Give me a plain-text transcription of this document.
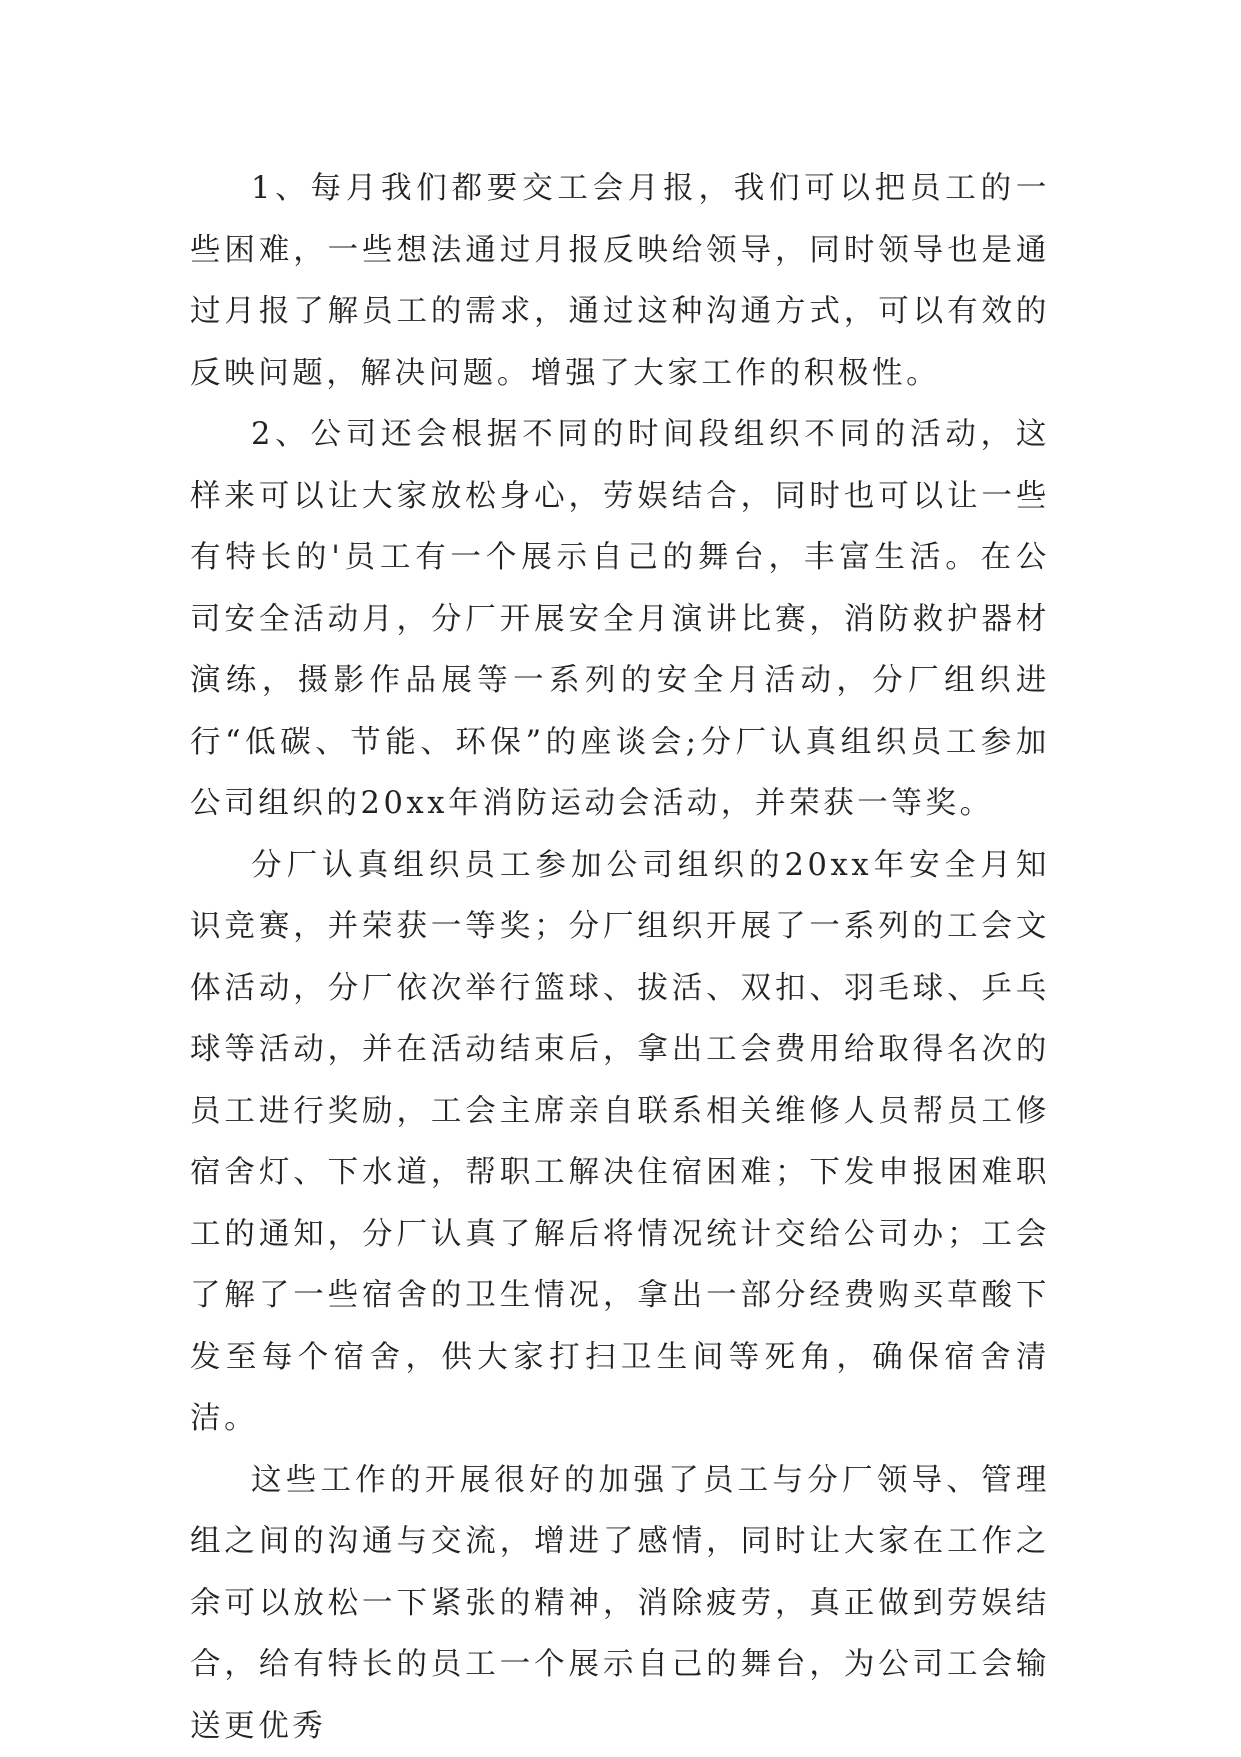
1、每月我们都要交工会月报，我们可以把员工的一些困难，一些想法通过月报反映给领导，同时领导也是通过月报了解员工的需求，通过这种沟通方式，可以有效的反映问题，解决问题。增强了大家工作的积极性。

2、公司还会根据不同的时间段组织不同的活动，这样来可以让大家放松身心，劳娱结合，同时也可以让一些有特长的'员工有一个展示自己的舞台，丰富生活。在公司安全活动月，分厂开展安全月演讲比赛，消防救护器材演练，摄影作品展等一系列的安全月活动，分厂组织进行“低碳、节能、环保”的座谈会;分厂认真组织员工参加公司组织的20xx年消防运动会活动，并荣获一等奖。

分厂认真组织员工参加公司组织的20xx年安全月知识竞赛，并荣获一等奖；分厂组织开展了一系列的工会文体活动，分厂依次举行篮球、拔活、双扣、羽毛球、乒乓球等活动，并在活动结束后，拿出工会费用给取得名次的员工进行奖励，工会主席亲自联系相关维修人员帮员工修宿舍灯、下水道，帮职工解决住宿困难；下发申报困难职工的通知，分厂认真了解后将情况统计交给公司办；工会了解了一些宿舍的卫生情况，拿出一部分经费购买草酸下发至每个宿舍，供大家打扫卫生间等死角，确保宿舍清洁。

这些工作的开展很好的加强了员工与分厂领导、管理组之间的沟通与交流，增进了感情，同时让大家在工作之余可以放松一下紧张的精神，消除疲劳，真正做到劳娱结合，给有特长的员工一个展示自己的舞台，为公司工会输送更优秀
